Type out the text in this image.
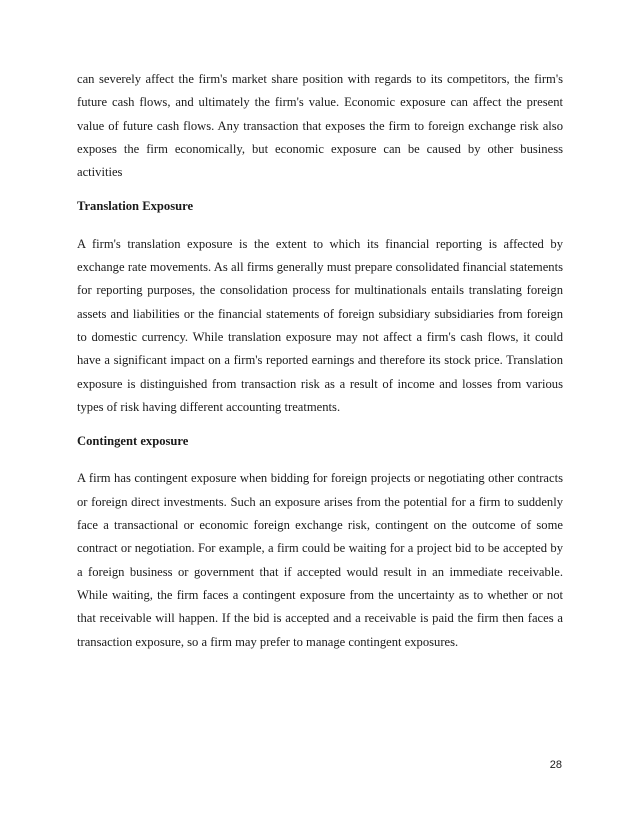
can severely affect the firm's market share position with regards to its competitors, the firm's future cash flows, and ultimately the firm's value. Economic exposure can affect the present value of future cash flows. Any transaction that exposes the firm to foreign exchange risk also exposes the firm economically, but economic exposure can be caused by other business activities

Translation Exposure

A firm's translation exposure is the extent to which its financial reporting is affected by exchange rate movements. As all firms generally must prepare consolidated financial statements for reporting purposes, the consolidation process for multinationals entails translating foreign assets and liabilities or the financial statements of foreign subsidiary subsidiaries from foreign to domestic currency. While translation exposure may not affect a firm's cash flows, it could have a significant impact on a firm's reported earnings and therefore its stock price. Translation exposure is distinguished from transaction risk as a result of income and losses from various types of risk having different accounting treatments.

Contingent exposure

A firm has contingent exposure when bidding for foreign projects or negotiating other contracts or foreign direct investments. Such an exposure arises from the potential for a firm to suddenly face a transactional or economic foreign exchange risk, contingent on the outcome of some contract or negotiation. For example, a firm could be waiting for a project bid to be accepted by a foreign business or government that if accepted would result in an immediate receivable. While waiting, the firm faces a contingent exposure from the uncertainty as to whether or not that receivable will happen. If the bid is accepted and a receivable is paid the firm then faces a transaction exposure, so a firm may prefer to manage contingent exposures.

28
